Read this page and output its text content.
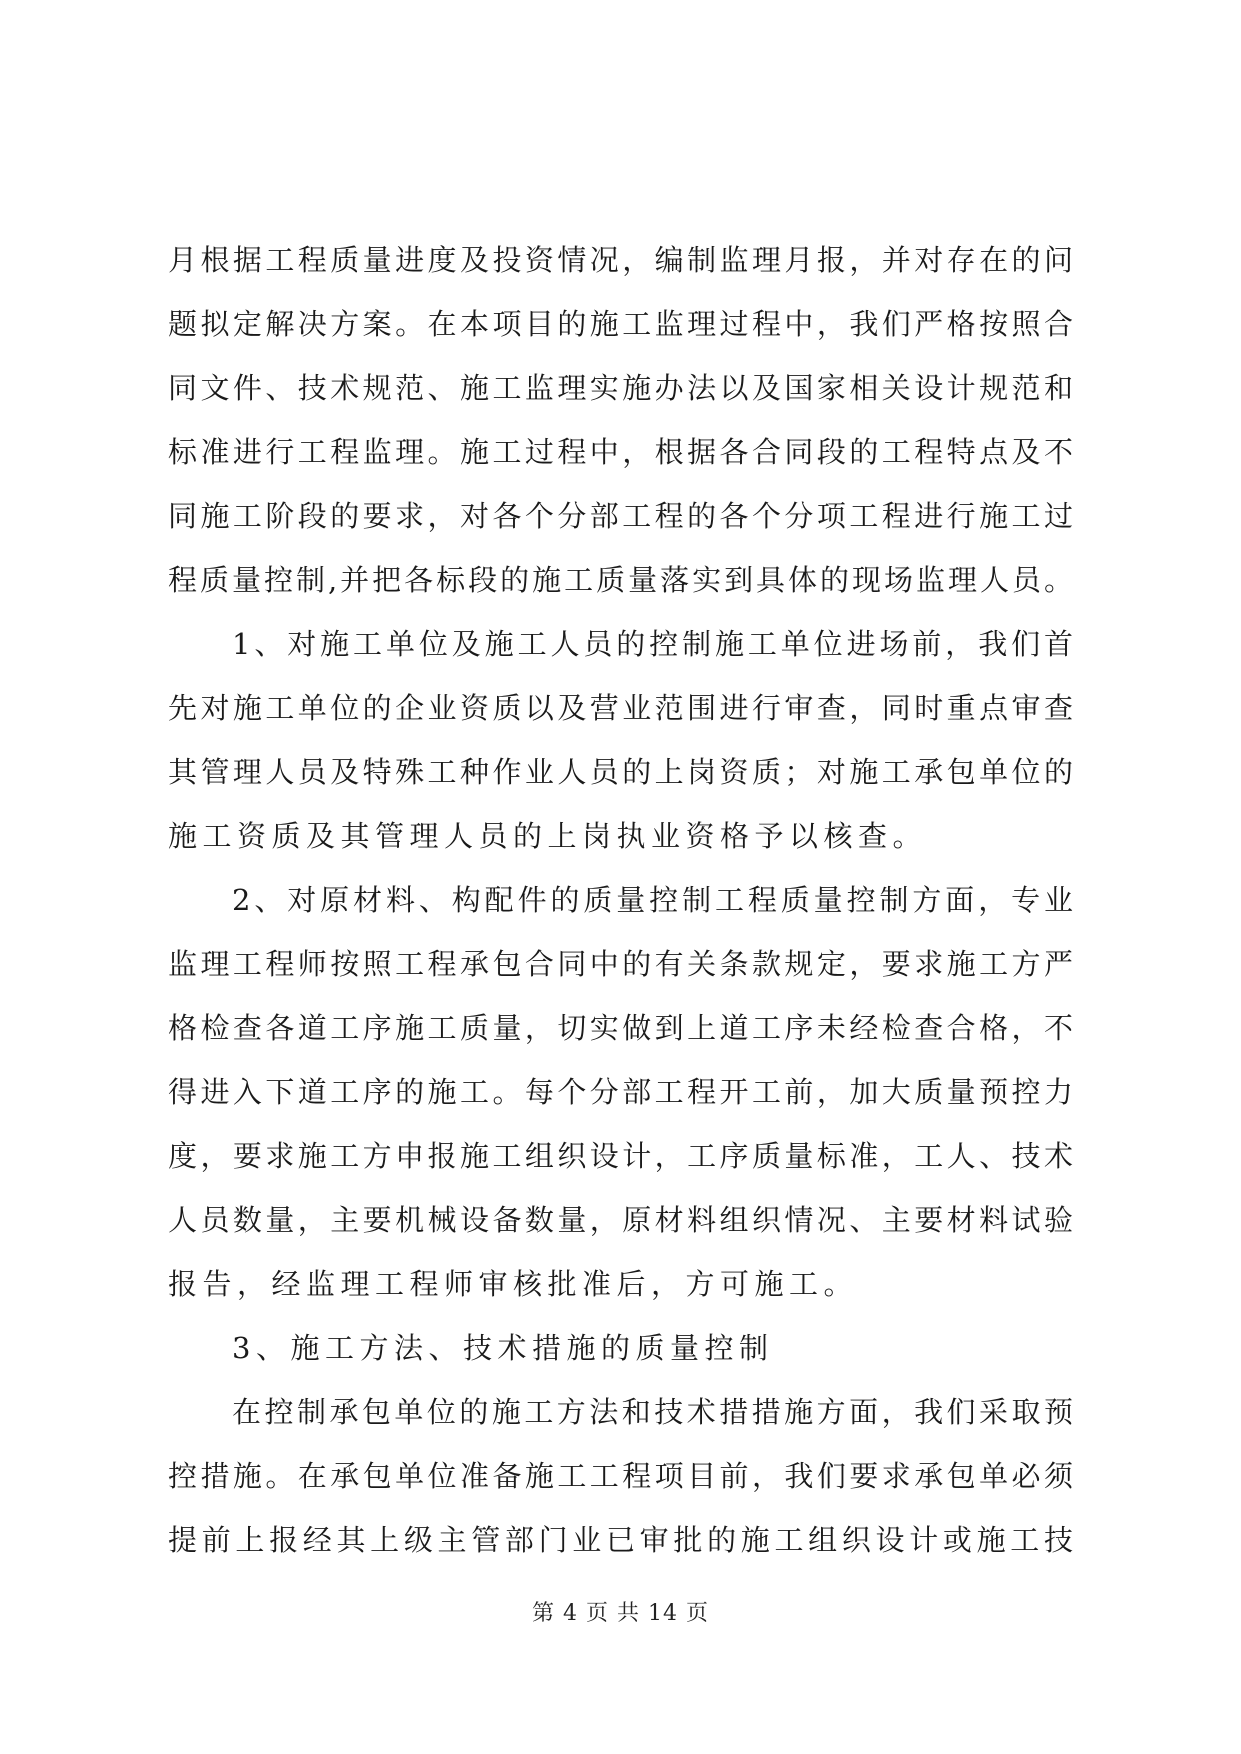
月根据工程质量进度及投资情况，编制监理月报，并对存在的问
题拟定解决方案。在本项目的施工监理过程中，我们严格按照合
同文件、技术规范、施工监理实施办法以及国家相关设计规范和
标准进行工程监理。施工过程中，根据各合同段的工程特点及不
同施工阶段的要求，对各个分部工程的各个分项工程进行施工过
程质量控制,并把各标段的施工质量落实到具体的现场监理人员。
1、对施工单位及施工人员的控制施工单位进场前，我们首
先对施工单位的企业资质以及营业范围进行审查，同时重点审查
其管理人员及特殊工种作业人员的上岗资质；对施工承包单位的
施工资质及其管理人员的上岗执业资格予以核查。
2、对原材料、构配件的质量控制工程质量控制方面，专业
监理工程师按照工程承包合同中的有关条款规定，要求施工方严
格检查各道工序施工质量，切实做到上道工序未经检查合格，不
得进入下道工序的施工。每个分部工程开工前，加大质量预控力
度，要求施工方申报施工组织设计，工序质量标准，工人、技术
人员数量，主要机械设备数量，原材料组织情况、主要材料试验
报告，经监理工程师审核批准后，方可施工。
3、施工方法、技术措施的质量控制
在控制承包单位的施工方法和技术措措施方面，我们采取预
控措施。在承包单位准备施工工程项目前，我们要求承包单必须
提前上报经其上级主管部门业已审批的施工组织设计或施工技
第 4 页 共 14 页
